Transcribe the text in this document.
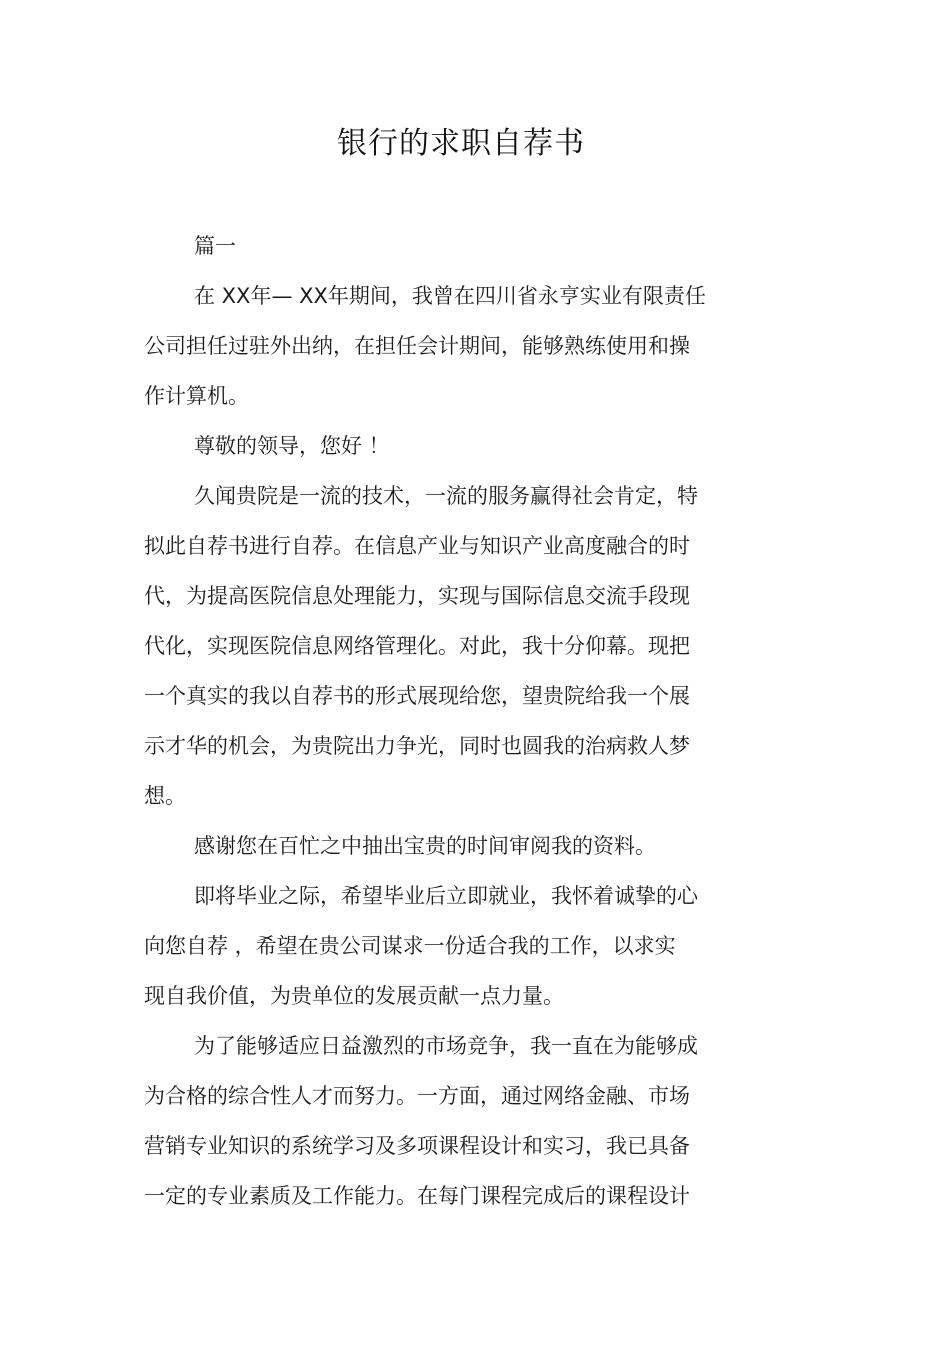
银行的求职自荐书

篇一

在 XX年— XX年期间，我曾在四川省永亨实业有限责任

公司担任过驻外出纳，在担任会计期间，能够熟练使用和操

作计算机。

尊敬的领导，您好 ！

久闻贵院是一流的技术，一流的服务赢得社会肯定，特

拟此自荐书进行自荐。在信息产业与知识产业高度融合的时

代，为提高医院信息处理能力，实现与国际信息交流手段现

代化，实现医院信息网络管理化。对此，我十分仰幕。现把

一个真实的我以自荐书的形式展现给您，望贵院给我一个展

示才华的机会，为贵院出力争光，同时也圆我的治病救人梦

想。

感谢您在百忙之中抽出宝贵的时间审阅我的资料。

即将毕业之际，希望毕业后立即就业，我怀着诚挚的心

向您自荐 ，希望在贵公司谋求一份适合我的工作，以求实

现自我价值，为贵单位的发展贡献一点力量。

为了能够适应日益激烈的市场竞争，我一直在为能够成

为合格的综合性人才而努力。一方面，通过网络金融、市场

营销专业知识的系统学习及多项课程设计和实习，我已具备

一定的专业素质及工作能力。在每门课程完成后的课程设计
